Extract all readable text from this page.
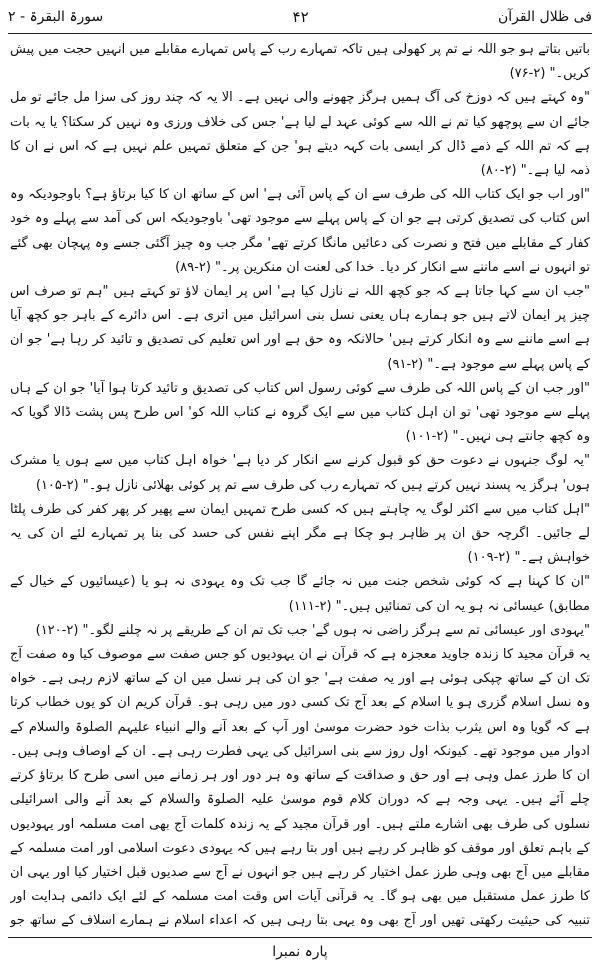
فی ظلال القرآن
۴۲
سورۃ البقرۃ - ۲

باتیں بتاتے ہو جو اللہ نے تم پر کھولی ہیں تاکہ تمہارے رب کے پاس تمہارے مقابلے میں انہیں حجت میں پیش کریں۔" (۲-۷۶)

"وہ کہتے ہیں کہ دوزخ کی آگ ہمیں ہرگز چھونے والی نہیں ہے۔ الا یہ کہ چند روز کی سزا مل جائے تو مل جائے ان سے پوچھو کیا تم نے اللہ سے کوئی عہد لے لیا ہے' جس کی خلاف ورزی وہ نہیں کر سکتا؟ یا یہ بات ہے کہ تم اللہ کے ذمے ڈال کر ایسی بات کہہ دیتے ہو' جن کے متعلق تمہیں علم نہیں ہے کہ اس نے ان کا ذمہ لیا ہے۔" (۲-۸۰)

"اور اب جو ایک کتاب اللہ کی طرف سے ان کے پاس آئی ہے' اس کے ساتھ ان کا کیا برتاؤ ہے؟ باوجودیکہ وہ اس کتاب کی تصدیق کرتی ہے جو ان کے پاس پہلے سے موجود تھی' باوجودیکہ اس کی آمد سے پہلے وہ خود کفار کے مقابلے میں فتح و نصرت کی دعائیں مانگا کرتے تھے' مگر جب وہ چیز آگئی جسے وہ پہچان بھی گئے تو انہوں نے اسے ماننے سے انکار کر دیا۔ خدا کی لعنت ان منکرین پر۔" (۲-۸۹)

"جب ان سے کہا جاتا ہے کہ جو کچھ اللہ نے نازل کیا ہے' اس پر ایمان لاؤ تو کہتے ہیں "ہم تو صرف اس چیز پر ایمان لاتے ہیں جو ہمارے ہاں یعنی نسل بنی اسرائیل میں اتری ہے۔ اس دائرے کے باہر جو کچھ آیا ہے اسے ماننے سے وہ انکار کرتے ہیں' حالانکہ وہ حق ہے اور اس تعلیم کی تصدیق و تائید کر رہا ہے' جو ان کے پاس پہلے سے موجود ہے۔" (۲-۹۱)

"اور جب ان کے پاس اللہ کی طرف سے کوئی رسول اس کتاب کی تصدیق و تائید کرتا ہوا آیا' جو ان کے ہاں پہلے سے موجود تھی' تو ان اہل کتاب میں سے ایک گروہ نے کتاب اللہ کو' اس طرح پس پشت ڈالا گویا کہ وہ کچھ جانتے ہی نہیں۔" (۲-۱۰۱)

"یہ لوگ جنہوں نے دعوت حق کو قبول کرنے سے انکار کر دیا ہے' خواہ اہل کتاب میں سے ہوں یا مشرک ہوں' ہرگز یہ پسند نہیں کرتے ہیں کہ تمہارے رب کی طرف سے تم پر کوئی بھلائی نازل ہو۔" (۲-۱۰۵)

"اہل کتاب میں سے اکثر لوگ یہ چاہتے ہیں کہ کسی طرح تمہیں ایمان سے پھیر کر پھر کفر کی طرف پلٹا لے جائیں۔ اگرچہ حق ان پر ظاہر ہو چکا ہے مگر اپنے نفس کی حسد کی بنا پر تمہارے لئے ان کی یہ خواہش ہے۔" (۲-۱۰۹)

"ان کا کہنا ہے کہ کوئی شخص جنت میں نہ جائے گا جب تک وہ یہودی نہ ہو یا (عیسائیوں کے خیال کے مطابق) عیسائی نہ ہو یہ ان کی تمنائیں ہیں۔" (۲-۱۱۱)

"یہودی اور عیسائی تم سے ہرگز راضی نہ ہوں گے' جب تک تم ان کے طریقے پر نہ چلنے لگو۔" (۲-۱۲۰)

یہ قرآن مجید کا زندہ جاوید معجزہ ہے کہ قرآن نے ان یہودیوں کو جس صفت سے موصوف کیا وہ صفت آج تک ان کے ساتھ چپکی ہوئی ہے اور یہ صفت ہے' جو ان کی ہر نسل میں ان کے ساتھ لازم رہی ہے۔ خواہ وہ نسل اسلام گزری ہو یا اسلام کے بعد آج تک کسی دور میں رہی ہو۔ قرآن کریم ان کو یوں خطاب کرتا ہے کہ گویا وہ اس یثرب بذات خود حضرت موسیٰ اور آپ کے بعد آنے والے انبیاء علیہم الصلوۃ والسلام کے ادوار میں موجود تھے۔ کیونکہ اول روز سے بنی اسرائیل کی یہی فطرت رہی ہے۔ ان کے اوصاف وہی ہیں۔ ان کا طرز عمل وہی ہے اور حق و صداقت کے ساتھ وہ ہر دور اور ہر زمانے میں اسی طرح کا برتاؤ کرتے چلے آئے ہیں۔ یہی وجہ ہے کہ دوران کلام قوم موسیٰ علیہ الصلوۃ والسلام کے بعد آنے والی اسرائیلی نسلوں کی طرف بھی اشارے ملتے ہیں۔ اور قرآن مجید کے یہ زندہ کلمات آج بھی امت مسلمہ اور یہودیوں کے باہم تعلق اور موقف کو ظاہر کر رہے ہیں اور بتا رہے ہیں کہ یہودی دعوت اسلامی اور امت مسلمہ کے مقابلے میں آج بھی وہی طرز عمل اختیار کر رہے ہیں جو انہوں نے آج سے صدیوں قبل اختیار کیا اور یہی ان کا طرز عمل مستقبل میں بھی ہو گا۔ یہ قرآنی آیات اس وقت امت مسلمہ کے لئے ایک دائمی ہدایت اور تنبیہ کی حیثیت رکھتی تھیں اور آج بھی وہ یہی بتا رہی ہیں کہ اعداء اسلام نے ہمارے اسلاف کے ساتھ جو

پارہ نمبرا
